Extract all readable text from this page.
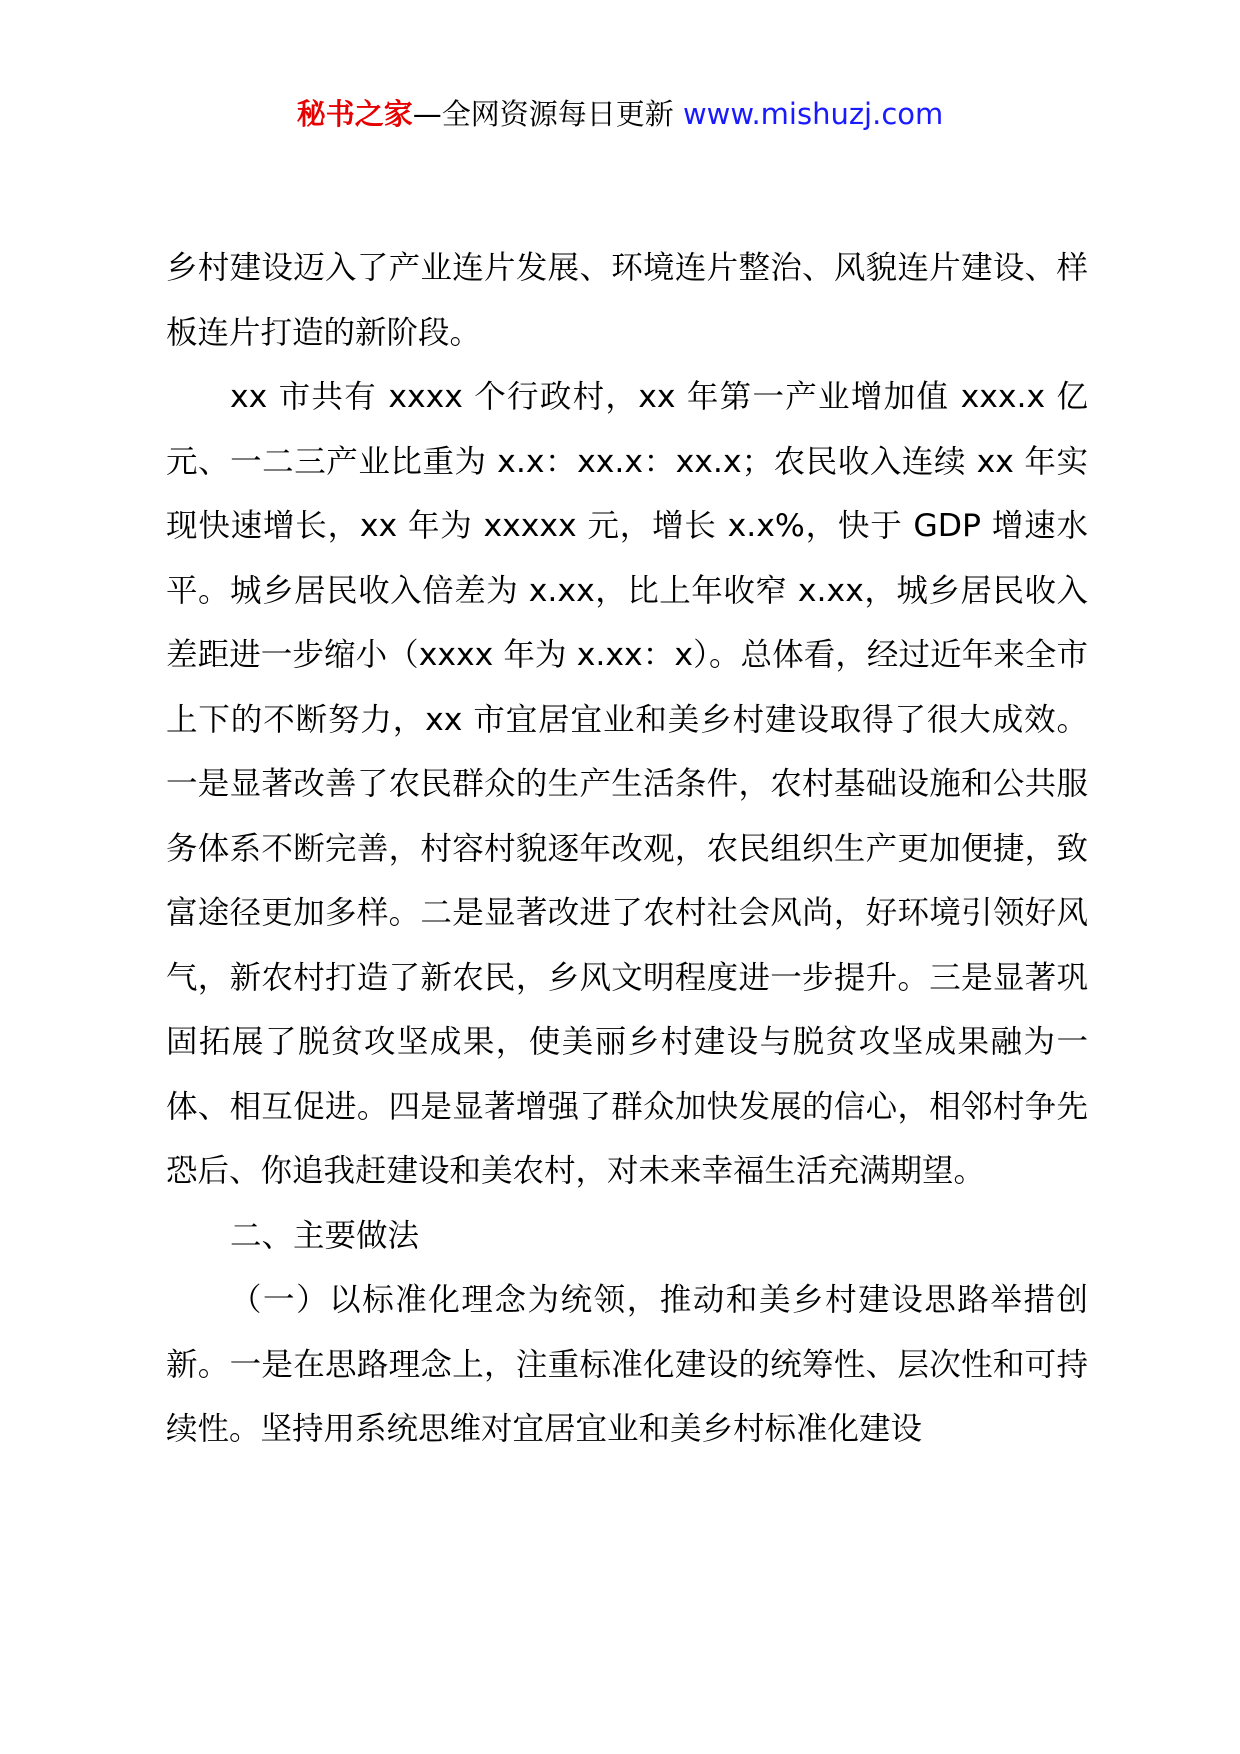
秘书之家—全网资源每日更新 www.mishuzj.com

乡村建设迈入了产业连片发展、环境连片整治、风貌连片建设、样板连片打造的新阶段。

xx 市共有 xxxx 个行政村，xx 年第一产业增加值 xxx.x 亿元、一二三产业比重为 x.x：xx.x：xx.x；农民收入连续 xx 年实现快速增长，xx 年为 xxxxx 元，增长 x.x%，快于 GDP 增速水平。城乡居民收入倍差为 x.xx，比上年收窄 x.xx，城乡居民收入差距进一步缩小（xxxx 年为 x.xx：x）。总体看，经过近年来全市上下的不断努力，xx 市宜居宜业和美乡村建设取得了很大成效。一是显著改善了农民群众的生产生活条件，农村基础设施和公共服务体系不断完善，村容村貌逐年改观，农民组织生产更加便捷，致富途径更加多样。二是显著改进了农村社会风尚，好环境引领好风气，新农村打造了新农民，乡风文明程度进一步提升。三是显著巩固拓展了脱贫攻坚成果，使美丽乡村建设与脱贫攻坚成果融为一体、相互促进。四是显著增强了群众加快发展的信心，相邻村争先恐后、你追我赶建设和美农村，对未来幸福生活充满期望。

二、主要做法

（一）以标准化理念为统领，推动和美乡村建设思路举措创新。一是在思路理念上，注重标准化建设的统筹性、层次性和可持续性。坚持用系统思维对宜居宜业和美乡村标准化建设
